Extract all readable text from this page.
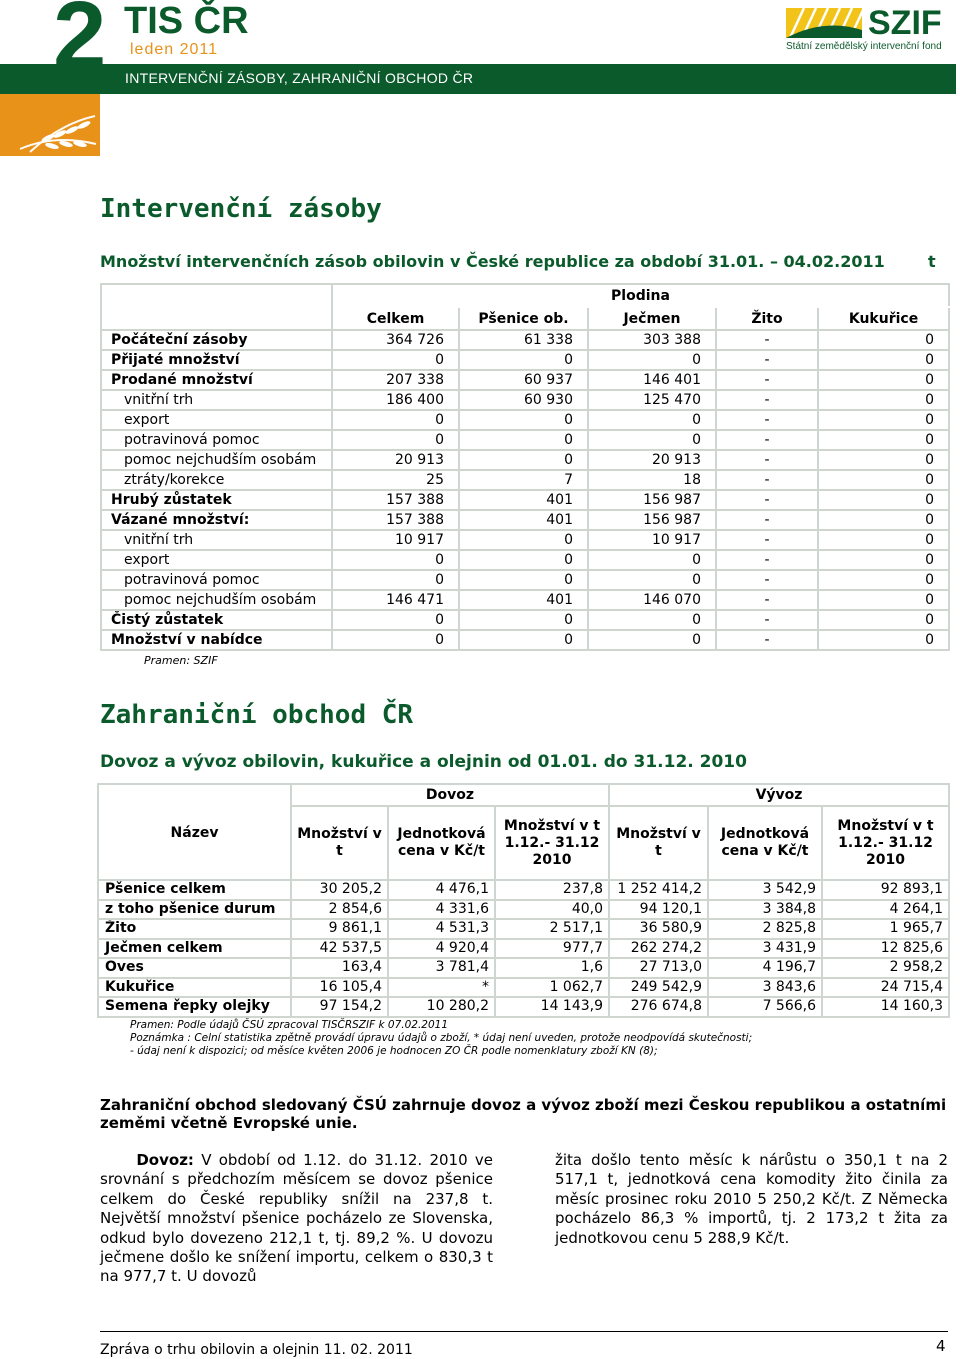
2 TIS ČR
leden 2011
INTERVENČNÍ ZÁSOBY, ZAHRANIČNÍ OBCHOD ČR
SZIF
Státní zemědělský intervenční fond
Intervenční zásoby
Množství intervenčních zásob obilovin v České republice za období 31.01. – 04.02.2011	t
	Plodina				
	Celkem	Pšenice ob.	Ječmen	Žito	Kukuřice
Počáteční zásoby	364 726	61 338	303 388	-	0
Přijaté množství	0	0	0	-	0
Prodané množství	207 338	60 937	146 401	-	0
vnitřní trh	186 400	60 930	125 470	-	0
export	0	0	0	-	0
potravinová pomoc	0	0	0	-	0
pomoc nejchudším osobám	20 913	0	20 913	-	0
ztráty/korekce	25	7	18	-	0
Hrubý zůstatek	157 388	401	156 987	-	0
Vázané množství:	157 388	401	156 987	-	0
vnitřní trh	10 917	0	10 917	-	0
export	0	0	0	-	0
potravinová pomoc	0	0	0	-	0
pomoc nejchudším osobám	146 471	401	146 070	-	0
Čistý zůstatek	0	0	0	-	0
Množství v nabídce	0	0	0	-	0
Pramen: SZIF
Zahraniční obchod ČR
Dovoz a vývoz obilovin, kukuřice a olejnin od 01.01. do 31.12. 2010
Název	Dovoz			Vývoz		
	Množství v t	Jednotková cena v Kč/t	Množství v t 1.12.- 31.12 2010	Množství v t	Jednotková cena v Kč/t	Množství v t 1.12.- 31.12 2010
Pšenice celkem	30 205,2	4 476,1	237,8	1 252 414,2	3 542,9	92 893,1
z toho pšenice durum	2 854,6	4 331,6	40,0	94 120,1	3 384,8	4 264,1
Žito	9 861,1	4 531,3	2 517,1	36 580,9	2 825,8	1 965,7
Ječmen celkem	42 537,5	4 920,4	977,7	262 274,2	3 431,9	12 825,6
Oves	163,4	3 781,4	1,6	27 713,0	4 196,7	2 958,2
Kukuřice	16 105,4	*	1 062,7	249 542,9	3 843,6	24 715,4
Semena řepky olejky	97 154,2	10 280,2	14 143,9	276 674,8	7 566,6	14 160,3
Pramen: Podle údajů ČSÚ zpracoval TISČRSZIF k 07.02.2011
Poznámka : Celní statistika zpětně provádí úpravu údajů o zboží, * údaj není uveden, protože neodpovídá skutečnosti;
- údaj není k dispozici; od měsíce květen 2006 je hodnocen ZO ČR podle nomenklatury zboží KN (8);
Zahraniční obchod sledovaný ČSÚ zahrnuje dovoz a vývoz zboží mezi Českou republikou a ostatními zeměmi včetně Evropské unie.
Dovoz: V období od 1.12. do 31.12. 2010 ve srovnání s předchozím měsícem se dovoz pšenice celkem do České republiky snížil na 237,8 t. Největší množství pšenice pocházelo ze Slovenska, odkud bylo dovezeno 212,1 t, tj. 89,2 %. U dovozu ječmene došlo ke snížení importu, celkem o 830,3 t na 977,7 t. U dovozů
žita došlo tento měsíc k nárůstu o 350,1 t na 2 517,1 t, jednotková cena komodity žito činila za měsíc prosinec roku 2010 5 250,2 Kč/t. Z Německa pocházelo 86,3 % importů, tj. 2 173,2 t žita za jednotkovou cenu 5 288,9 Kč/t.
Zpráva o trhu obilovin a olejnin 11. 02. 2011	4
